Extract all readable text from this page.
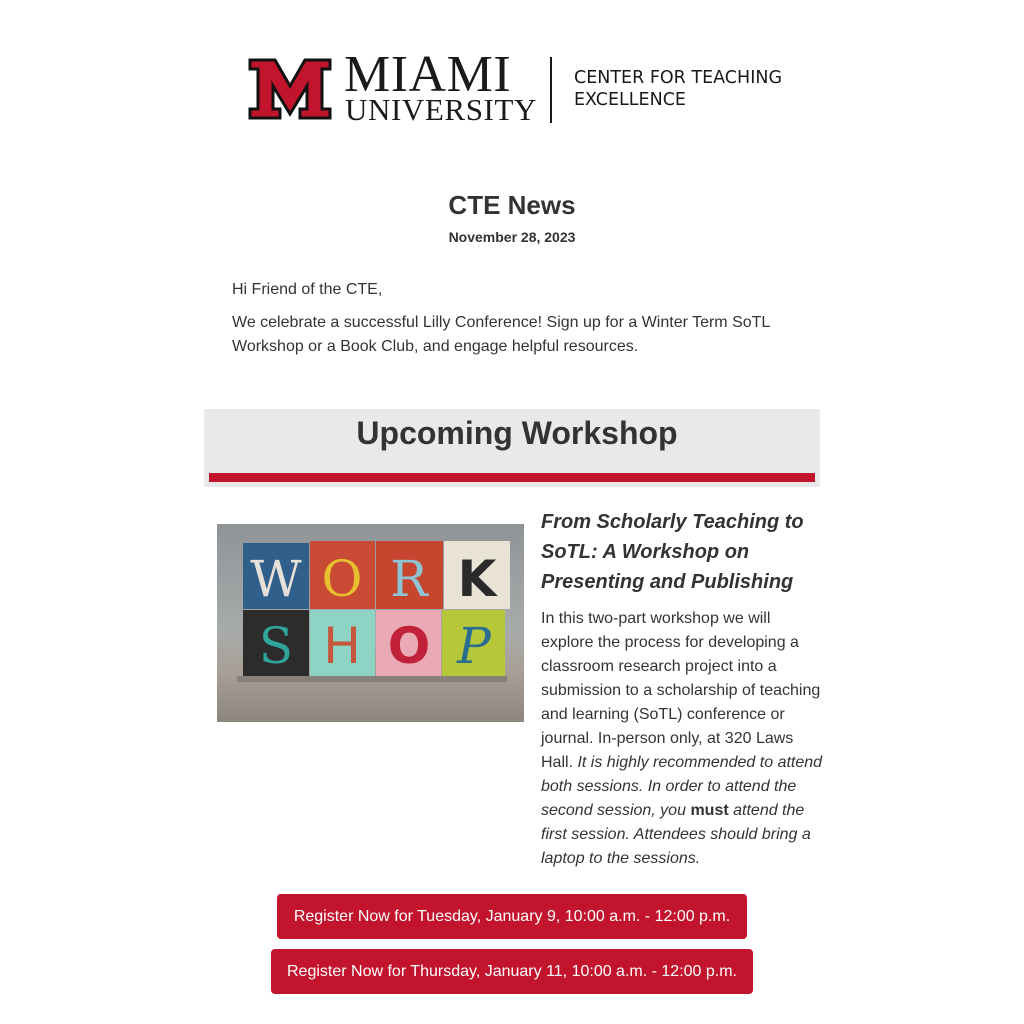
MIAMI
UNIVERSITY
CENTER FOR TEACHING
EXCELLENCE
CTE News
November 28, 2023
Hi Friend of the CTE,
We celebrate a successful Lilly Conference! Sign up for a Winter Term SoTL Workshop or a Book Club, and engage helpful resources.
Upcoming Workshop
W O R K
S H O P
From Scholarly Teaching to SoTL: A Workshop on Presenting and Publishing
In this two-part workshop we will explore the process for developing a classroom research project into a submission to a scholarship of teaching and learning (SoTL) conference or journal. In-person only, at 320 Laws Hall. It is highly recommended to attend both sessions. In order to attend the second session, you must attend the first session. Attendees should bring a laptop to the sessions.
Register Now for Tuesday, January 9, 10:00 a.m. - 12:00 p.m.
Register Now for Thursday, January 11, 10:00 a.m. - 12:00 p.m.
